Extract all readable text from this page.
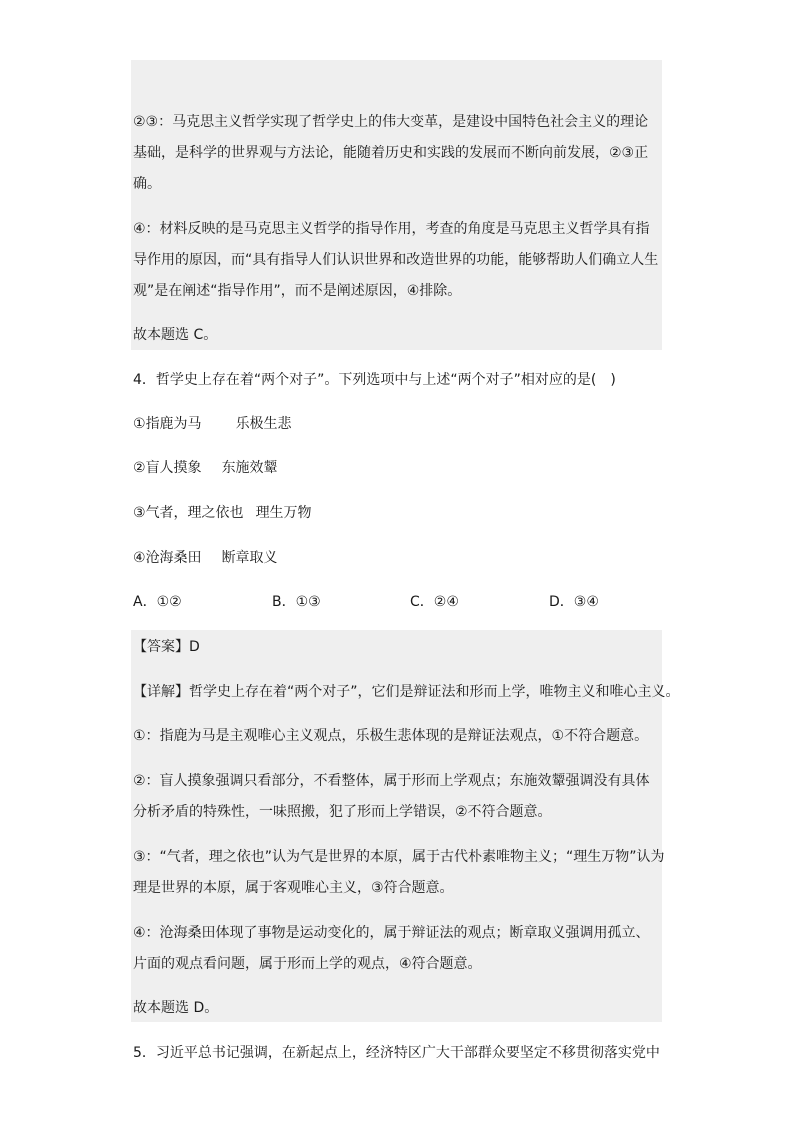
②③：马克思主义哲学实现了哲学史上的伟大变革，是建设中国特色社会主义的理论
基础，是科学的世界观与方法论，能随着历史和实践的发展而不断向前发展，②③正
确。
④：材料反映的是马克思主义哲学的指导作用，考查的角度是马克思主义哲学具有指
导作用的原因，而“具有指导人们认识世界和改造世界的功能，能够帮助人们确立人生
观”是在阐述“指导作用”，而不是阐述原因，④排除。
故本题选 C。
4．哲学史上存在着“两个对子”。下列选项中与上述“两个对子”相对应的是(　)
①指鹿为马 乐极生悲
②盲人摸象 东施效颦
③气者，理之依也 理生万物
④沧海桑田 断章取义
A．①②	B．①③	C．②④	D．③④
【答案】D
【详解】哲学史上存在着“两个对子”，它们是辩证法和形而上学，唯物主义和唯心主义。
①：指鹿为马是主观唯心主义观点，乐极生悲体现的是辩证法观点，①不符合题意。
②：盲人摸象强调只看部分，不看整体，属于形而上学观点；东施效颦强调没有具体
分析矛盾的特殊性，一味照搬，犯了形而上学错误，②不符合题意。
③：“气者，理之依也”认为气是世界的本原，属于古代朴素唯物主义；“理生万物”认为
理是世界的本原，属于客观唯心主义，③符合题意。
④：沧海桑田体现了事物是运动变化的，属于辩证法的观点；断章取义强调用孤立、
片面的观点看问题，属于形而上学的观点，④符合题意。
故本题选 D。
5．习近平总书记强调，在新起点上，经济特区广大干部群众要坚定不移贯彻落实党中
